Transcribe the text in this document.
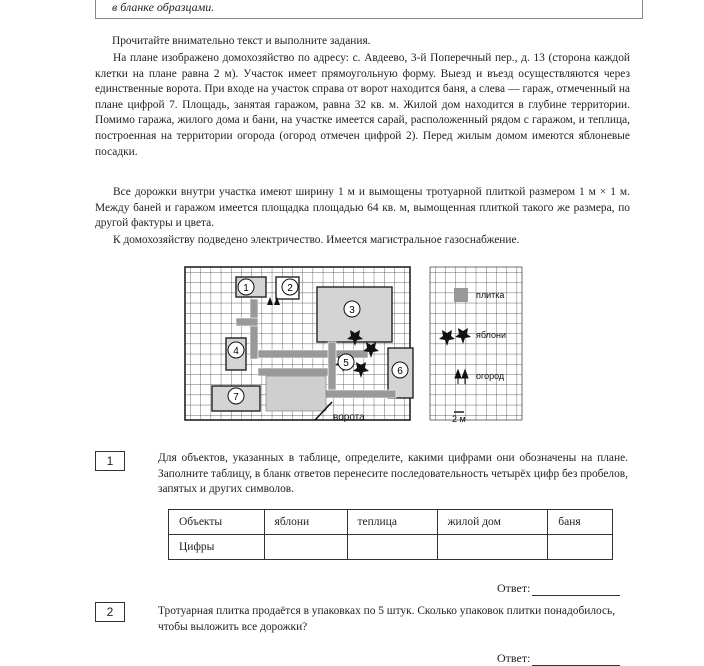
в бланке образцами.
Прочитайте внимательно текст и выполните задания.
На плане изображено домохозяйство по адресу: с. Авдеево, 3-й Поперечный пер., д. 13 (сторона каждой клетки на плане равна 2 м). Участок имеет прямоугольную форму. Выезд и въезд осуществляются через единственные ворота. При входе на участок справа от ворот находится баня, а слева — гараж, отмеченный на плане цифрой 7. Площадь, занятая гаражом, равна 32 кв. м. Жилой дом находится в глубине территории. Помимо гаража, жилого дома и бани, на участке имеется сарай, расположенный рядом с гаражом, и теплица, построенная на территории огорода (огород отмечен цифрой 2). Перед жилым домом имеются яблоневые посадки.
Все дорожки внутри участка имеют ширину 1 м и вымощены тротуарной плиткой размером 1 м × 1 м. Между баней и гаражом имеется площадка площадью 64 кв. м, вымощенная плиткой такого же размера, по другой фактуры и цвета.
К домохозяйству подведено электричество. Имеется магистральное газоснабжение.
ворота
1	2
3
4
5
6
7
плитка
яблони
огород
2 м
1	Для объектов, указанных в таблице, определите, какими цифрами они обозначены на плане. Заполните таблицу, в бланк ответов перенесите последовательность четырёх цифр без пробелов, запятых и других символов.
Объекты	яблони	теплица	жилой дом	баня
Цифры				
Ответ:
2	Тротуарная плитка продаётся в упаковках по 5 штук. Сколько упаковок плитки понадобилось, чтобы выложить все дорожки?
Ответ:
